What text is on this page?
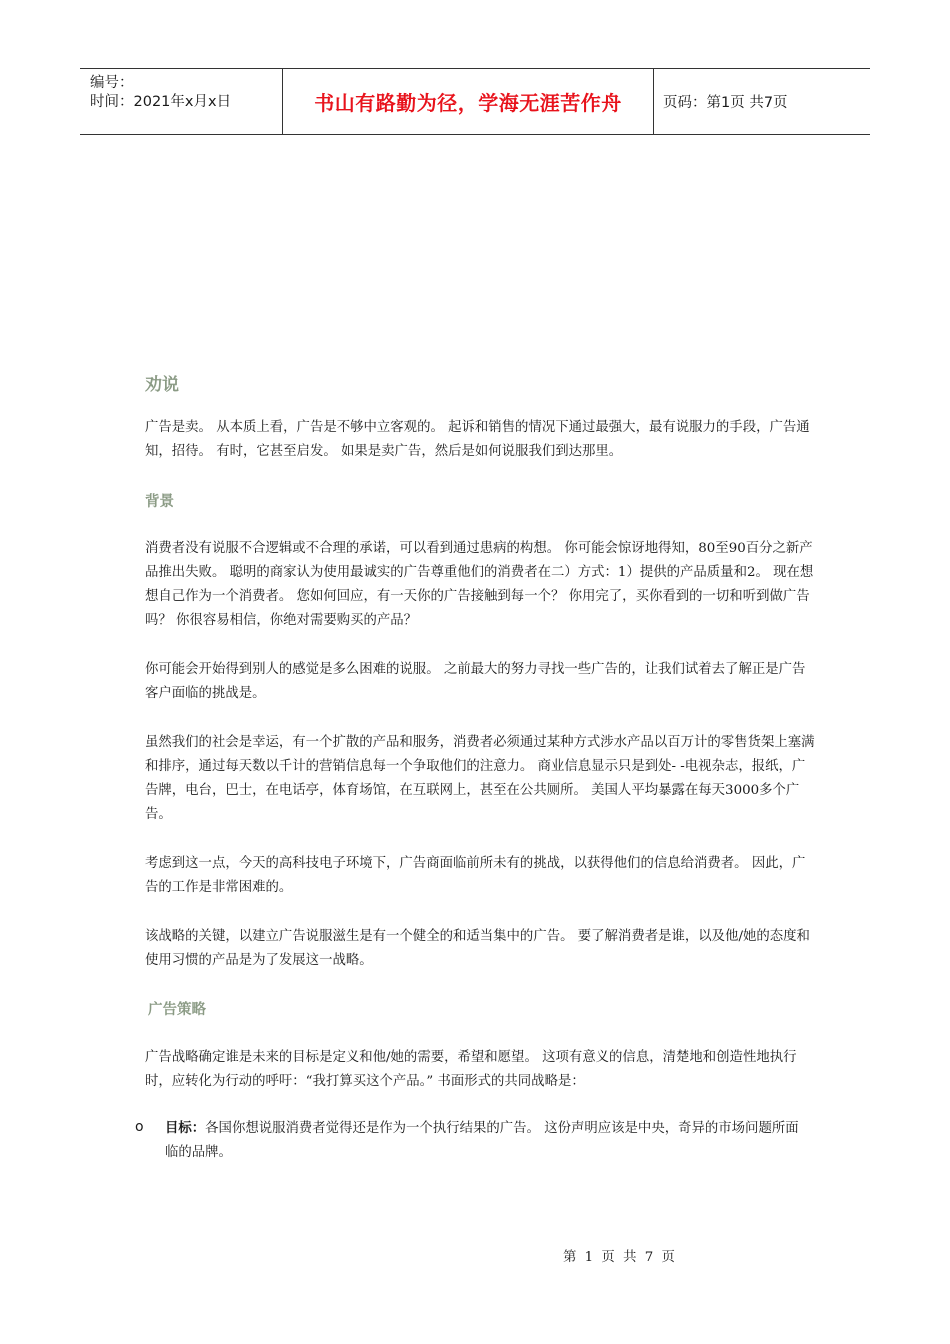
编号：
时间：2021年x月x日	书山有路勤为径，学海无涯苦作舟	页码：第1页 共7页
劝说
广告是卖。 从本质上看，广告是不够中立客观的。 起诉和销售的情况下通过最强大，最有说服力的手段，广告通知，招待。 有时，它甚至启发。 如果是卖广告，然后是如何说服我们到达那里。
背景
消费者没有说服不合逻辑或不合理的承诺，可以看到通过患病的构想。 你可能会惊讶地得知，80至90百分之新产品推出失败。 聪明的商家认为使用最诚实的广告尊重他们的消费者在二）方式：1）提供的产品质量和2。 现在想想自己作为一个消费者。 您如何回应，有一天你的广告接触到每一个？ 你用完了，买你看到的一切和听到做广告吗？ 你很容易相信，你绝对需要购买的产品？
你可能会开始得到别人的感觉是多么困难的说服。 之前最大的努力寻找一些广告的，让我们试着去了解正是广告客户面临的挑战是。
虽然我们的社会是幸运，有一个扩散的产品和服务，消费者必须通过某种方式涉水产品以百万计的零售货架上塞满和排序，通过每天数以千计的营销信息每一个争取他们的注意力。 商业信息显示只是到处- -电视杂志，报纸，广告牌，电台，巴士，在电话亭，体育场馆，在互联网上，甚至在公共厕所。 美国人平均暴露在每天3000多个广告。
考虑到这一点，今天的高科技电子环境下，广告商面临前所未有的挑战，以获得他们的信息给消费者。 因此，广告的工作是非常困难的。
该战略的关键，以建立广告说服滋生是有一个健全的和适当集中的广告。 要了解消费者是谁，以及他/她的态度和使用习惯的产品是为了发展这一战略。
广告策略
广告战略确定谁是未来的目标是定义和他/她的需要，希望和愿望。 这项有意义的信息，清楚地和创造性地执行时，应转化为行动的呼吁：“我打算买这个产品。” 书面形式的共同战略是：
o 目标：各国你想说服消费者觉得还是作为一个执行结果的广告。 这份声明应该是中央，奇异的市场问题所面临的品牌。
第 1 页 共 7 页
